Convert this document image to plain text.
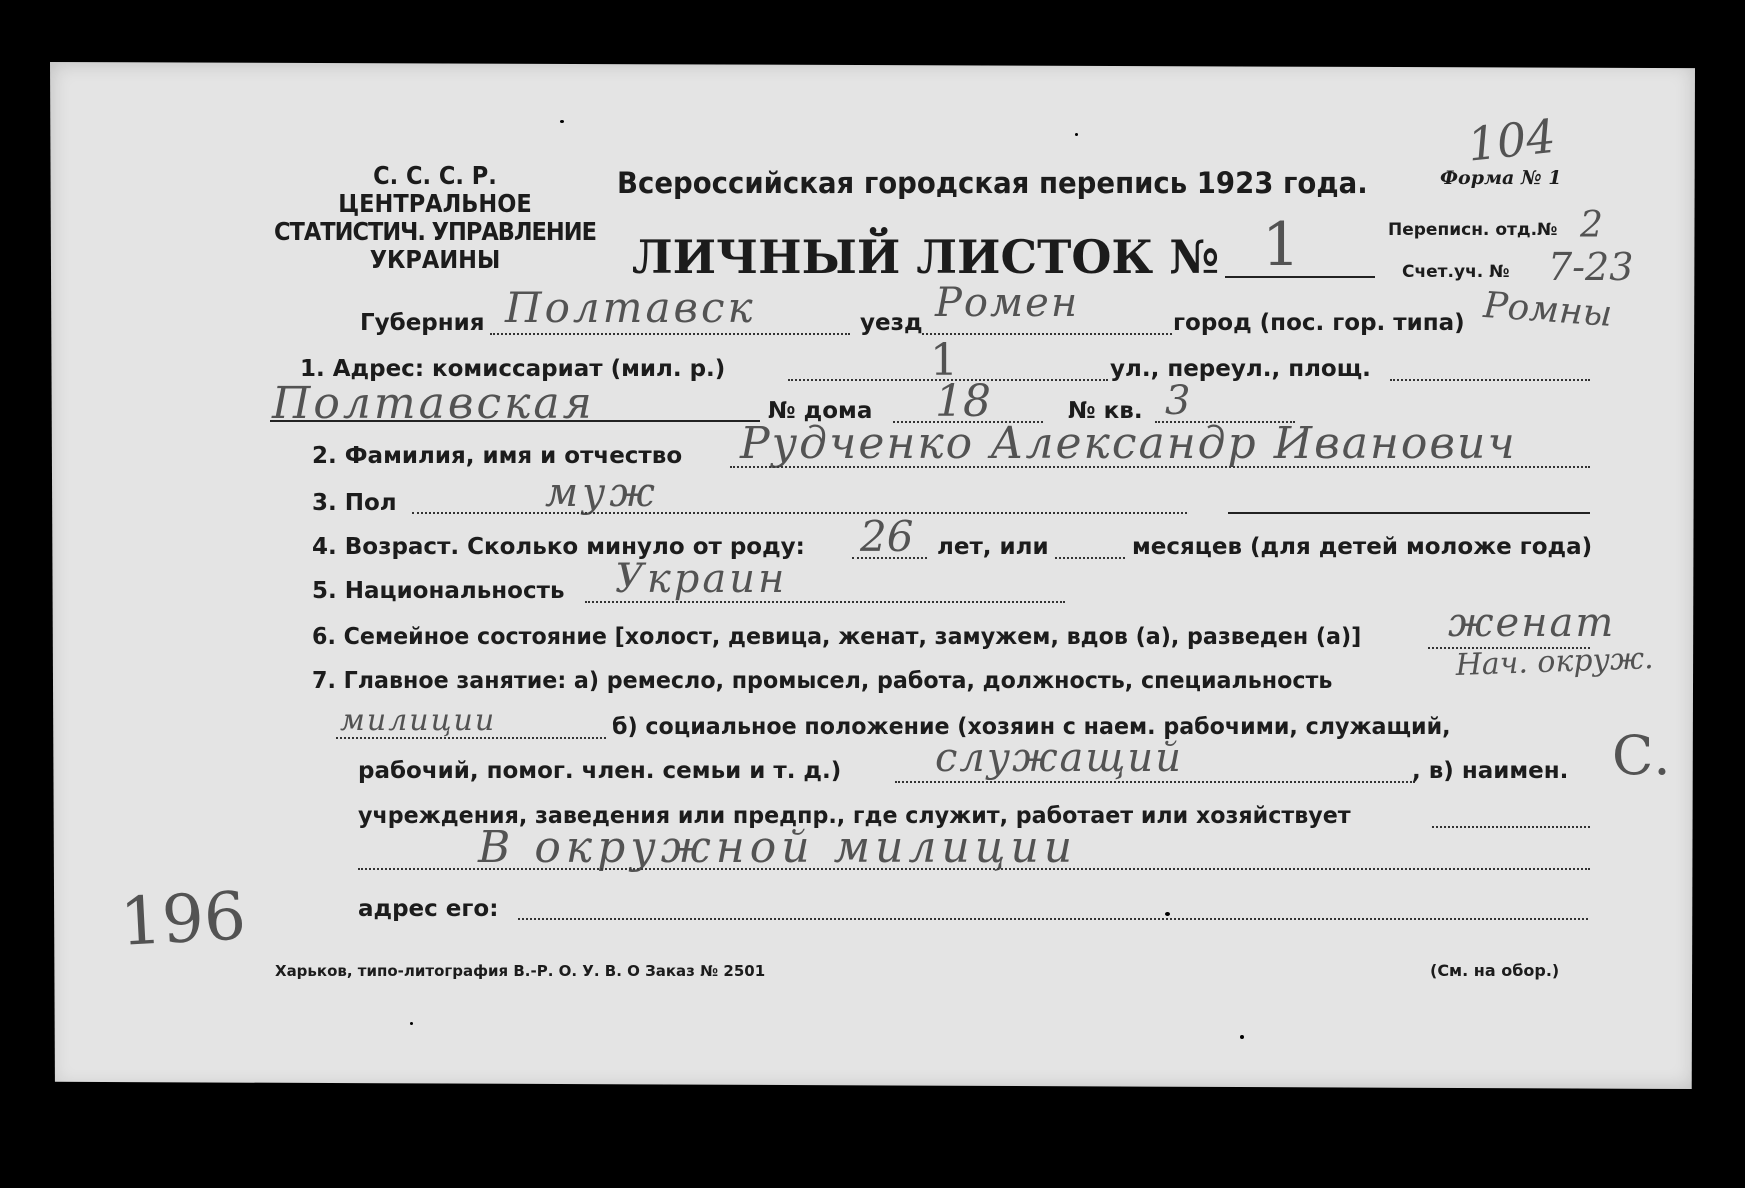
С. С. С. Р.
ЦЕНТРАЛЬНОЕ
СТАТИСТИЧ. УПРАВЛЕНИЕ
УКРАИНЫ
Всероссийская городская перепись 1923 года.	Форма № 1
104
ЛИЧНЫЙ ЛИСТОК № 1	Переписн. отд.№ 2
Счет.уч. № 7-23
Губерния Полтавск	уезд Ромен	город (пос. гор. типа) Ромны
1. Адрес: комиссариат (мил. р.)	1	ул., переул., площ.
Полтавская	№ дома 18	№ кв. 3
2. Фамилия, имя и отчество Рудченко Александр Иванович
3. Пол	муж
4. Возраст. Сколько минуло от роду: 26 лет, или	месяцев (для детей моложе года)
5. Национальность Украин
6. Семейное состояние [холост, девица, женат, замужем, вдов (а), разведен (а)] женат
7. Главное занятие: а) ремесло, промысел, работа, должность, специальность	Нач. окруж.
милиции	б) социальное положение (хозяин с наем. рабочими, служащий,
рабочий, помог. член. семьи и т. д.) служащий	, в) наимен. С.
учреждения, заведения или предпр., где служит, работает или хозяйствует
В окружной милиции
адрес его:
196
Харьков, типо-литография В.-Р. О. У. В. О Заказ № 2501	(См. на обор.)
